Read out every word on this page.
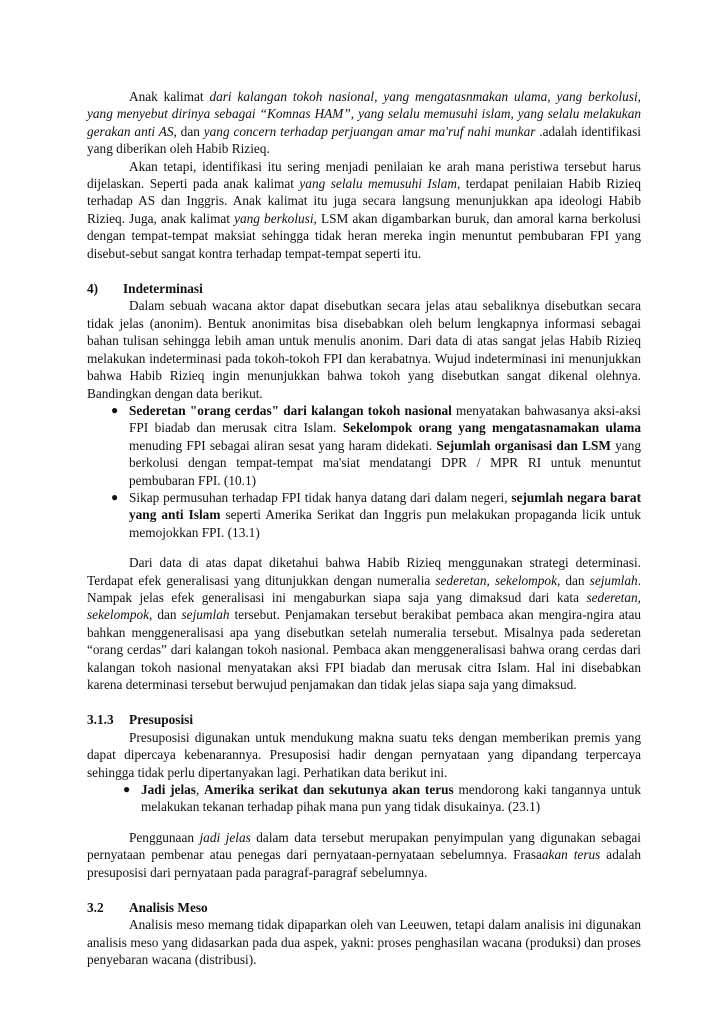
Anak kalimat dari kalangan tokoh nasional, yang mengatasnmakan ulama, yang berkolusi, yang menyebut dirinya sebagai “Komnas HAM”, yang selalu memusuhi islam, yang selalu melakukan gerakan anti AS, dan yang concern terhadap perjuangan amar ma'ruf nahi munkar .adalah identifikasi yang diberikan oleh Habib Rizieq.

Akan tetapi, identifikasi itu sering menjadi penilaian ke arah mana peristiwa tersebut harus dijelaskan. Seperti pada anak kalimat yang selalu memusuhi Islam, terdapat penilaian Habib Rizieq terhadap AS dan Inggris. Anak kalimat itu juga secara langsung menunjukkan apa ideologi Habib Rizieq. Juga, anak kalimat yang berkolusi, LSM akan digambarkan buruk, dan amoral karna berkolusi dengan tempat-tempat maksiat sehingga tidak heran mereka ingin menuntut pembubaran FPI yang disebut-sebut sangat kontra terhadap tempat-tempat seperti itu.

4) Indeterminasi

Dalam sebuah wacana aktor dapat disebutkan secara jelas atau sebaliknya disebutkan secara tidak jelas (anonim). Bentuk anonimitas bisa disebabkan oleh belum lengkapnya informasi sebagai bahan tulisan sehingga lebih aman untuk menulis anonim. Dari data di atas sangat jelas Habib Rizieq melakukan indeterminasi pada tokoh-tokoh FPI dan kerabatnya. Wujud indeterminasi ini menunjukkan bahwa Habib Rizieq ingin menunjukkan bahwa tokoh yang disebutkan sangat dikenal olehnya. Bandingkan dengan data berikut.

● Sederetan "orang cerdas" dari kalangan tokoh nasional menyatakan bahwasanya aksi-aksi FPI biadab dan merusak citra Islam. Sekelompok orang yang mengatasnamakan ulama menuding FPI sebagai aliran sesat yang haram didekati. Sejumlah organisasi dan LSM yang berkolusi dengan tempat-tempat ma'siat mendatangi DPR / MPR RI untuk menuntut pembubaran FPI. (10.1)
● Sikap permusuhan terhadap FPI tidak hanya datang dari dalam negeri, sejumlah negara barat yang anti Islam seperti Amerika Serikat dan Inggris pun melakukan propaganda licik untuk memojokkan FPI. (13.1)

Dari data di atas dapat diketahui bahwa Habib Rizieq menggunakan strategi determinasi. Terdapat efek generalisasi yang ditunjukkan dengan numeralia sederetan, sekelompok, dan sejumlah. Nampak jelas efek generalisasi ini mengaburkan siapa saja yang dimaksud dari kata sederetan, sekelompok, dan sejumlah tersebut. Penjamakan tersebut berakibat pembaca akan mengira-ngira atau bahkan menggeneralisasi apa yang disebutkan setelah numeralia tersebut. Misalnya pada sederetan “orang cerdas” dari kalangan tokoh nasional. Pembaca akan menggeneralisasi bahwa orang cerdas dari kalangan tokoh nasional menyatakan aksi FPI biadab dan merusak citra Islam. Hal ini disebabkan karena determinasi tersebut berwujud penjamakan dan tidak jelas siapa saja yang dimaksud.

3.1.3 Presuposisi

Presuposisi digunakan untuk mendukung makna suatu teks dengan memberikan premis yang dapat dipercaya kebenarannya. Presuposisi hadir dengan pernyataan yang dipandang terpercaya sehingga tidak perlu dipertanyakan lagi. Perhatikan data berikut ini.

● Jadi jelas, Amerika serikat dan sekutunya akan terus mendorong kaki tangannya untuk melakukan tekanan terhadap pihak mana pun yang tidak disukainya. (23.1)

Penggunaan jadi jelas dalam data tersebut merupakan penyimpulan yang digunakan sebagai pernyataan pembenar atau penegas dari pernyataan-pernyataan sebelumnya. Frasaakan terus adalah presuposisi dari pernyataan pada paragraf-paragraf sebelumnya.

3.2 Analisis Meso

Analisis meso memang tidak dipaparkan oleh van Leeuwen, tetapi dalam analisis ini digunakan analisis meso yang didasarkan pada dua aspek, yakni: proses penghasilan wacana (produksi) dan proses penyebaran wacana (distribusi).
